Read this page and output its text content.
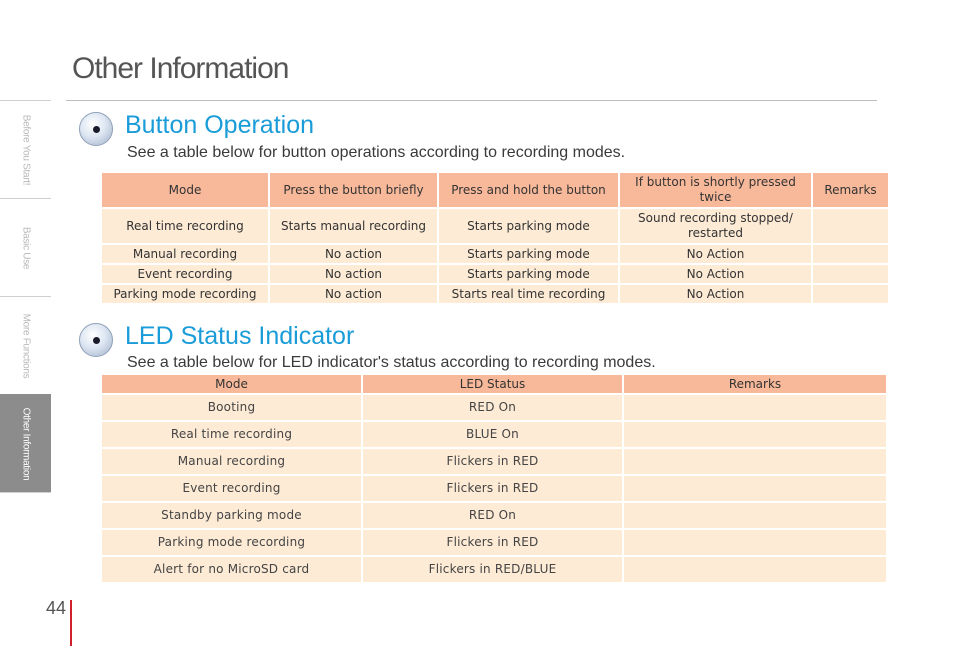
Other Information
Before You Start!
Basic Use
More Functions
Other Information
44
Button Operation

See a table below for button operations according to recording modes.

Mode	Press the button briefly	Press and hold the button	If button is shortly pressed twice	Remarks
Real time recording	Starts manual recording	Starts parking mode	Sound recording stopped/ restarted	
Manual recording	No action	Starts parking mode	No Action	
Event recording	No action	Starts parking mode	No Action	
Parking mode recording	No action	Starts real time recording	No Action	
LED Status Indicator

See a table below for LED indicator's status according to recording modes.

Mode	LED Status	Remarks
Booting	RED On	
Real time recording	BLUE On	
Manual recording	Flickers in RED	
Event recording	Flickers in RED	
Standby parking mode	RED On	
Parking mode recording	Flickers in RED	
Alert for no MicroSD card	Flickers in RED/BLUE	
